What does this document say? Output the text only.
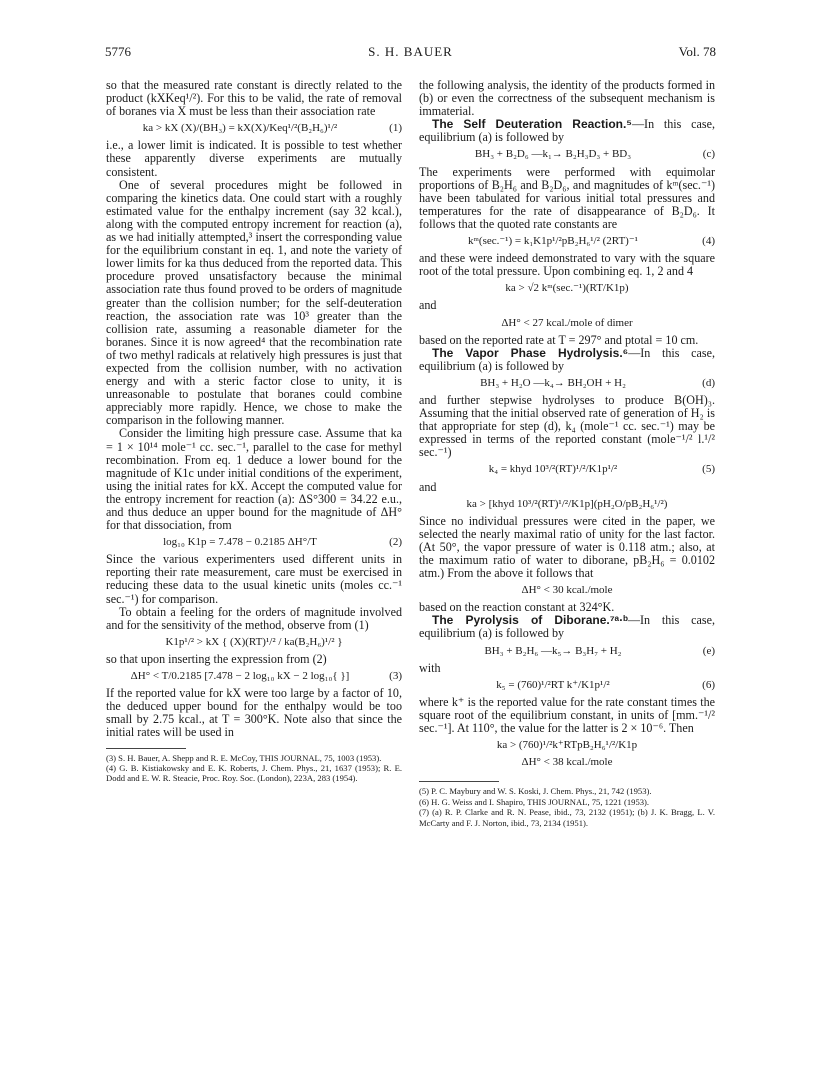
5776	S. H. BAUER	Vol. 78

so that the measured rate constant is directly related to the product (kXKeq¹/²). For this to be valid, the rate of removal of boranes via X must be less than their association rate

ka > kX (X)/(BH₃) = kX(X)/Keq¹/²(B₂H₆)¹/²	(1)

i.e., a lower limit is indicated. It is possible to test whether these apparently diverse experiments are mutually consistent.

One of several procedures might be followed in comparing the kinetics data. One could start with a roughly estimated value for the enthalpy increment (say 32 kcal.), along with the computed entropy increment for reaction (a), as we had initially attempted,³ insert the corresponding value for the equilibrium constant in eq. 1, and note the variety of lower limits for ka thus deduced from the reported data. This procedure proved unsatisfactory because the minimal association rate thus found proved to be orders of magnitude greater than the collision number; for the self-deuteration reaction, the association rate was 10³ greater than the collision rate, assuming a reasonable diameter for the boranes. Since it is now agreed⁴ that the recombination rate of two methyl radicals at relatively high pressures is just that expected from the collision number, with no activation energy and with a steric factor close to unity, it is unreasonable to postulate that boranes could combine appreciably more rapidly. Hence, we chose to make the comparison in the following manner.

Consider the limiting high pressure case. Assume that ka = 1 × 10¹⁴ mole⁻¹ cc. sec.⁻¹, parallel to the case for methyl recombination. From eq. 1 deduce a lower bound for the magnitude of K1c under initial conditions of the experiment, using the initial rates for kX. Accept the computed value for the entropy increment for reaction (a): ΔS°300 = 34.22 e.u., and thus deduce an upper bound for the magnitude of ΔH° for that dissociation, from

log₁₀ K1p = 7.478 − 0.2185 ΔH°/T	(2)

Since the various experimenters used different units in reporting their rate measurement, care must be exercised in reducing these data to the usual kinetic units (moles cc.⁻¹ sec.⁻¹) for comparison.

To obtain a feeling for the orders of magnitude involved and for the sensitivity of the method, observe from (1)

K1p¹/² > kX { (X)(RT)¹/² / ka(B₂H₆)¹/² }

so that upon inserting the expression from (2)

ΔH° < T/0.2185 [7.478 − 2 log₁₀ kX − 2 log₁₀{ }]	(3)

If the reported value for kX were too large by a factor of 10, the deduced upper bound for the enthalpy would be too small by 2.75 kcal., at T = 300°K. Note also that since the initial rates will be used in

(3) S. H. Bauer, A. Shepp and R. E. McCoy, THIS JOURNAL, 75, 1003 (1953).

(4) G. B. Kistiakowsky and E. K. Roberts, J. Chem. Phys., 21, 1637 (1953); R. E. Dodd and E. W. R. Steacie, Proc. Roy. Soc. (London), 223A, 283 (1954).

the following analysis, the identity of the products formed in (b) or even the correctness of the subsequent mechanism is immaterial.

The Self Deuteration Reaction.⁵—In this case, equilibrium (a) is followed by

BH₃ + B₂D₆ —k₁→ B₂H₃D₃ + BD₃	(c)

The experiments were performed with equimolar proportions of B₂H₆ and B₂D₆, and magnitudes of kᵐ(sec.⁻¹) have been tabulated for various initial total pressures and temperatures for the rate of disappearance of B₂D₆. It follows that the quoted rate constants are

kᵐ(sec.⁻¹) = k₁K1p¹/²pB₂H₆¹/² (2RT)⁻¹	(4)

and these were indeed demonstrated to vary with the square root of the total pressure. Upon combining eq. 1, 2 and 4

ka > √2 kᵐ(sec.⁻¹)(RT/K1p)

and

ΔH° < 27 kcal./mole of dimer

based on the reported rate at T = 297° and ptotal = 10 cm.

The Vapor Phase Hydrolysis.⁶—In this case, equilibrium (a) is followed by

BH₃ + H₂O —k₄→ BH₂OH + H₂	(d)

and further stepwise hydrolyses to produce B(OH)₃. Assuming that the initial observed rate of generation of H₂ is that appropriate for step (d), k₄ (mole⁻¹ cc. sec.⁻¹) may be expressed in terms of the reported constant (mole⁻¹/² l.¹/² sec.⁻¹)

k₄ = khyd 10³/²(RT)¹/²/K1p¹/²	(5)

and

ka > [khyd 10³/²(RT)¹/²/K1p](pH₂O/pB₂H₆¹/²)

Since no individual pressures were cited in the paper, we selected the nearly maximal ratio of unity for the last factor. (At 50°, the vapor pressure of water is 0.118 atm.; also, at the maximum ratio of water to diborane, pB₂H₆ = 0.0102 atm.) From the above it follows that

ΔH° < 30 kcal./mole

based on the reaction constant at 324°K.

The Pyrolysis of Diborane.⁷ᵃ·ᵇ—In this case, equilibrium (a) is followed by

BH₃ + B₂H₆ —k₅→ B₃H₇ + H₂	(e)

with

k₅ = (760)¹/²RT k⁺/K1p¹/²	(6)

where k⁺ is the reported value for the rate constant times the square root of the equilibrium constant, in units of [mm.⁻¹/² sec.⁻¹]. At 110°, the value for the latter is 2 × 10⁻⁶. Then

ka > (760)¹/²k⁺RTpB₂H₆¹/²/K1p
ΔH° < 38 kcal./mole

(5) P. C. Maybury and W. S. Koski, J. Chem. Phys., 21, 742 (1953).

(6) H. G. Weiss and I. Shapiro, THIS JOURNAL, 75, 1221 (1953).

(7) (a) R. P. Clarke and R. N. Pease, ibid., 73, 2132 (1951); (b) J. K. Bragg, L. V. McCarty and F. J. Norton, ibid., 73, 2134 (1951).
